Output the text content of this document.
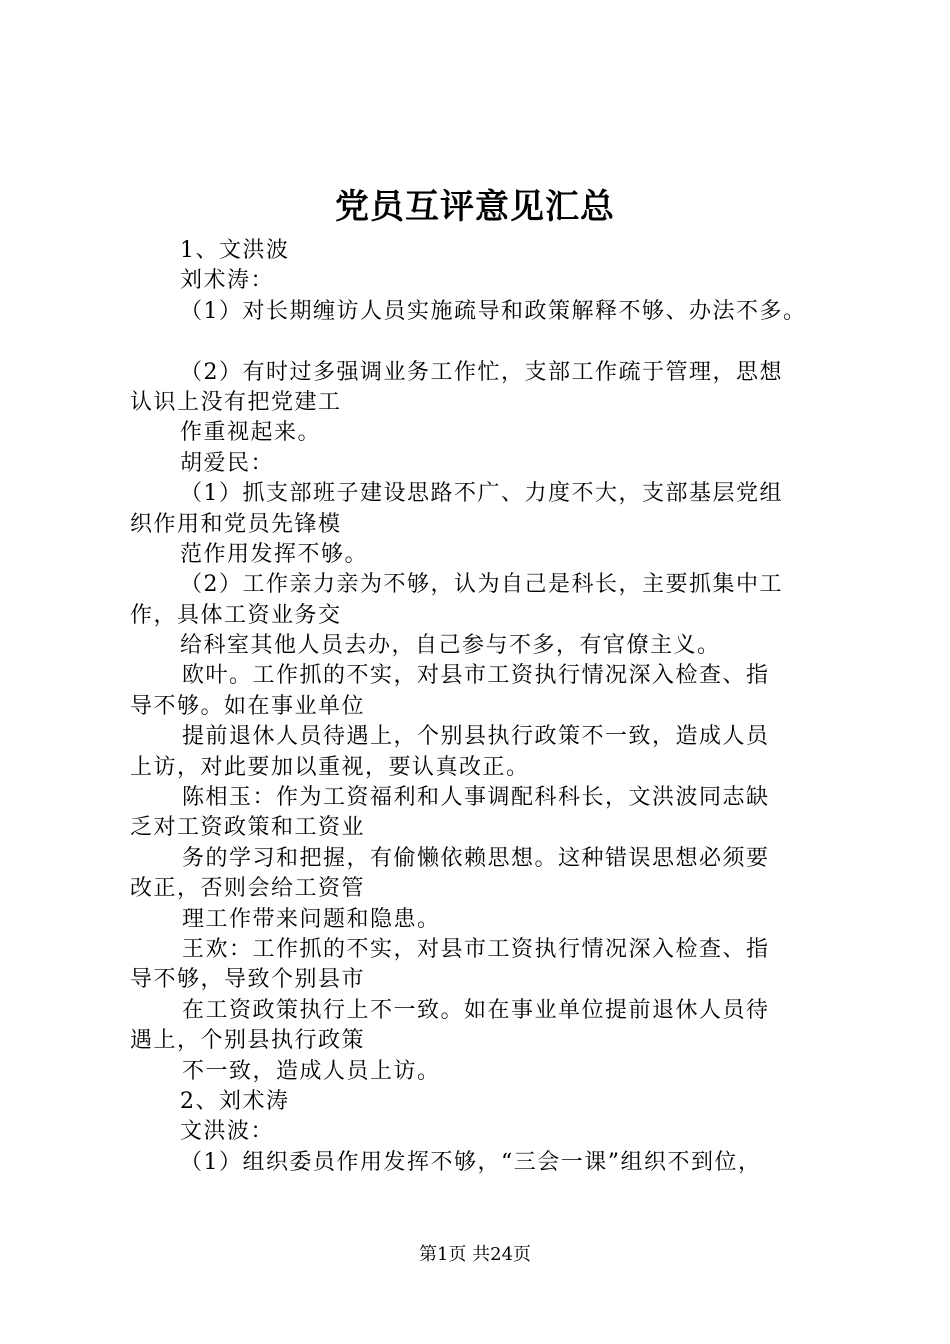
党员互评意见汇总
1、文洪波
刘术涛：
（1）对长期缠访人员实施疏导和政策解释不够、办法不多。
（2）有时过多强调业务工作忙，支部工作疏于管理，思想
认识上没有把党建工
作重视起来。
胡爱民：
（1）抓支部班子建设思路不广、力度不大，支部基层党组
织作用和党员先锋模
范作用发挥不够。
（2）工作亲力亲为不够，认为自己是科长，主要抓集中工
作，具体工资业务交
给科室其他人员去办，自己参与不多，有官僚主义。
欧叶。工作抓的不实，对县市工资执行情况深入检查、指
导不够。如在事业单位
提前退休人员待遇上，个别县执行政策不一致，造成人员
上访，对此要加以重视，要认真改正。
陈相玉：作为工资福利和人事调配科科长，文洪波同志缺
乏对工资政策和工资业
务的学习和把握，有偷懒依赖思想。这种错误思想必须要
改正，否则会给工资管
理工作带来问题和隐患。
王欢：工作抓的不实，对县市工资执行情况深入检查、指
导不够，导致个别县市
在工资政策执行上不一致。如在事业单位提前退休人员待
遇上，个别县执行政策
不一致，造成人员上访。
2、刘术涛
文洪波：
（1）组织委员作用发挥不够，“三会一课”组织不到位，
第1页 共24页
